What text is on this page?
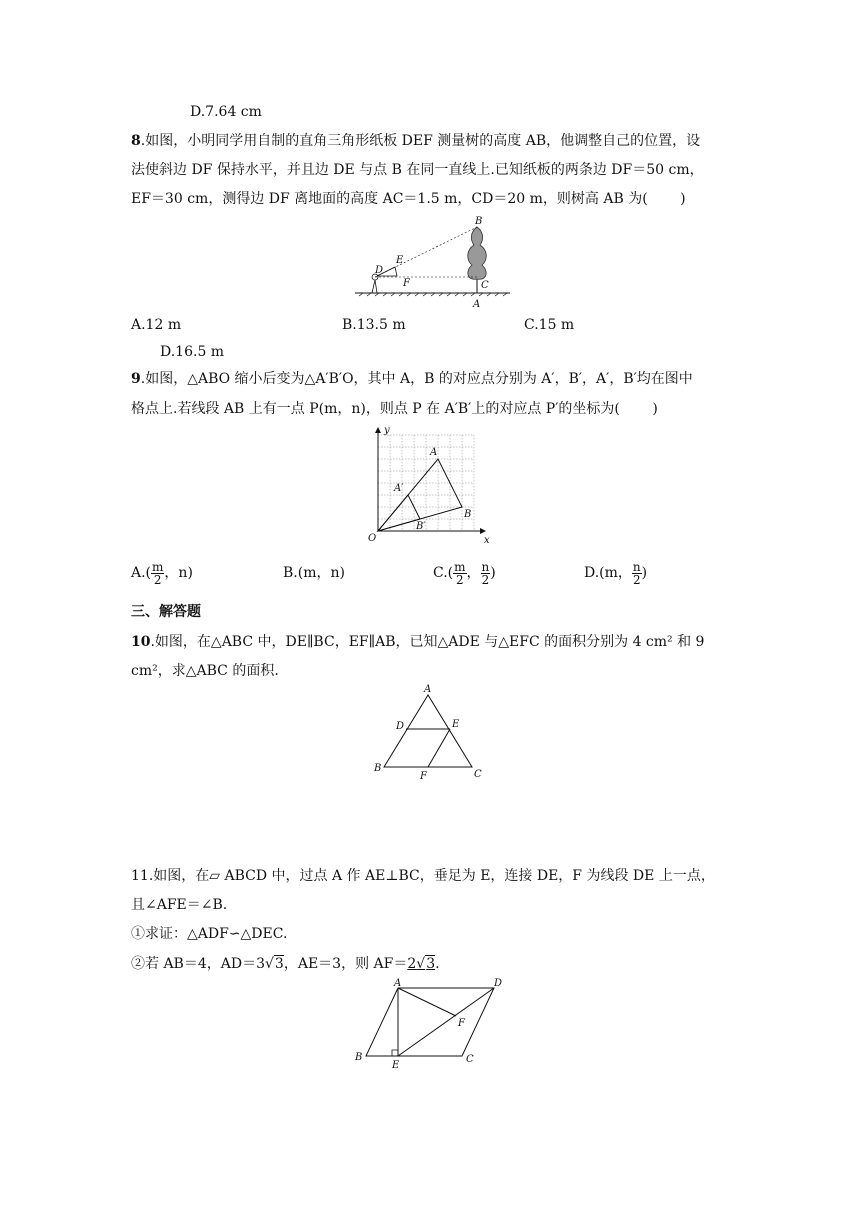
D.7.64 cm
8.如图，小明同学用自制的直角三角形纸板 DEF 测量树的高度 AB，他调整自己的位置，设
法使斜边 DF 保持水平，并且边 DE 与点 B 在同一直线上.已知纸板的两条边 DF＝50 cm，
EF＝30 cm，测得边 DF 离地面的高度 AC＝1.5 m，CD＝20 m，则树高 AB 为(　　 )
B
E
D
F	C
A
A.12 m	B.13.5 m	C.15 m
D.16.5 m
9.如图，△ABO 缩小后变为△A′B′O，其中 A，B 的对应点分别为 A′，B′，A′，B′均在图中
格点上.若线段 AB 上有一点 P(m，n)，则点 P 在 A′B′上的对应点 P′的坐标为(　　 )
y
x
O
A
B
A′
B′
$A.( \frac{m}{2}$ ，n)	B.(m，n)	$C.( \frac{m}{2}$ ， $\frac{n}{2}$ )	D.(m， $\frac{n}{2}$ )
三、解答题
10.如图，在△ABC 中，DE∥BC，EF∥AB，已知△ADE 与△EFC 的面积分别为 4 cm² 和 9
cm²，求△ABC 的面积.
A
D	E
B
F	C
11.如图，在▱ ABCD 中，过点 A 作 AE⊥BC，垂足为 E，连接 DE，F 为线段 DE 上一点，
且∠AFE＝∠B.
①求证：△ADF∽△DEC.
②若 AB＝4，AD＝3√3，AE＝3，则 AF＝2√3.
A	D
F
B
E
C
